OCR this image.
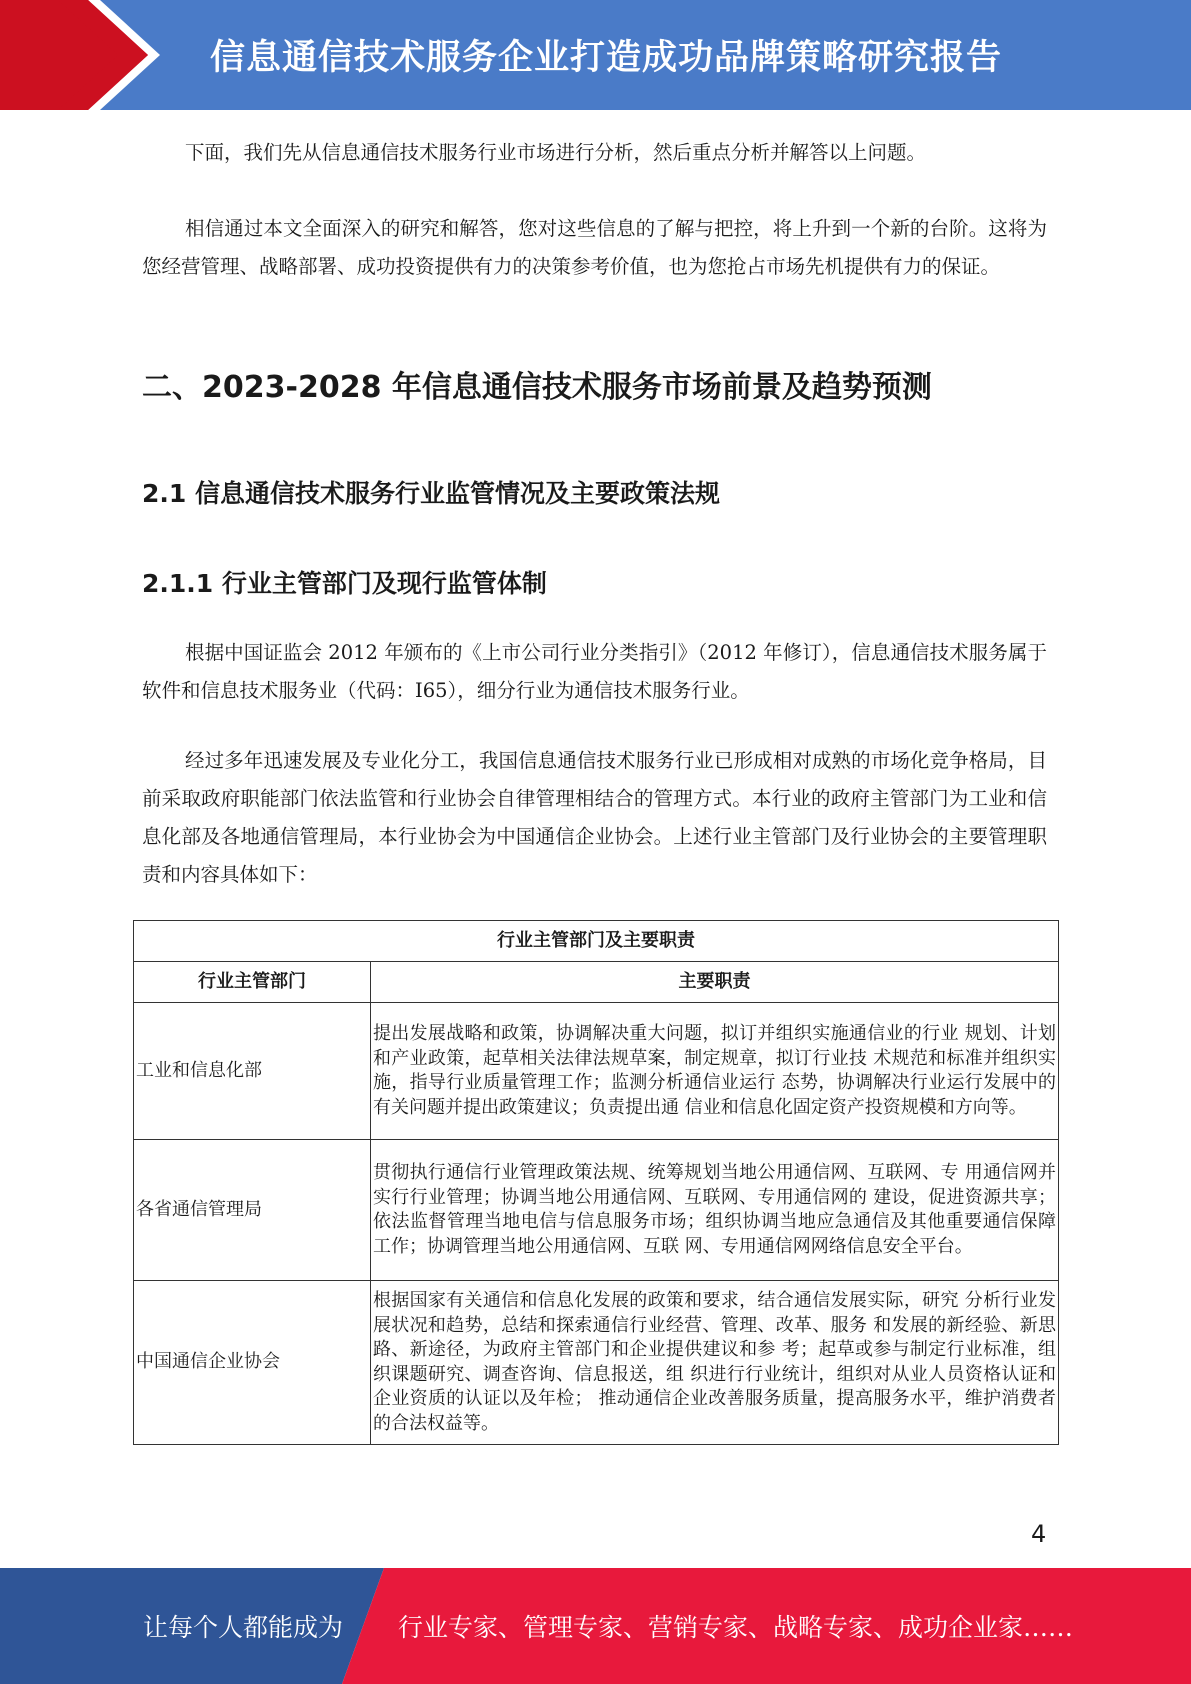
信息通信技术服务企业打造成功品牌策略研究报告

下面，我们先从信息通信技术服务行业市场进行分析，然后重点分析并解答以上问题。

相信通过本文全面深入的研究和解答，您对这些信息的了解与把控，将上升到一个新的台阶。这将为您经营管理、战略部署、成功投资提供有力的决策参考价值，也为您抢占市场先机提供有力的保证。

二、2023-2028 年信息通信技术服务市场前景及趋势预测
2.1 信息通信技术服务行业监管情况及主要政策法规
2.1.1 行业主管部门及现行监管体制

根据中国证监会 2012 年颁布的《上市公司行业分类指引》（2012 年修订），信息通信技术服务属于软件和信息技术服务业（代码：I65），细分行业为通信技术服务行业。

经过多年迅速发展及专业化分工，我国信息通信技术服务行业已形成相对成熟的市场化竞争格局，目前采取政府职能部门依法监管和行业协会自律管理相结合的管理方式。本行业的政府主管部门为工业和信息化部及各地通信管理局，本行业协会为中国通信企业协会。上述行业主管部门及行业协会的主要管理职责和内容具体如下：

行业主管部门及主要职责	
行业主管部门	主要职责
工业和信息化部	提出发展战略和政策，协调解决重大问题，拟订并组织实施通信业的行业 规划、计划和产业政策，起草相关法律法规草案，制定规章，拟订行业技 术规范和标准并组织实施，指导行业质量管理工作；监测分析通信业运行 态势，协调解决行业运行发展中的有关问题并提出政策建议；负责提出通 信业和信息化固定资产投资规模和方向等。
各省通信管理局	贯彻执行通信行业管理政策法规、统筹规划当地公用通信网、互联网、专 用通信网并实行行业管理；协调当地公用通信网、互联网、专用通信网的 建设，促进资源共享；依法监督管理当地电信与信息服务市场；组织协调当地应急通信及其他重要通信保障工作；协调管理当地公用通信网、互联 网、专用通信网网络信息安全平台。
中国通信企业协会	根据国家有关通信和信息化发展的政策和要求，结合通信发展实际，研究 分析行业发展状况和趋势，总结和探索通信行业经营、管理、改革、服务 和发展的新经验、新思路、新途径，为政府主管部门和企业提供建议和参 考；起草或参与制定行业标准，组织课题研究、调查咨询、信息报送，组 织进行行业统计，组织对从业人员资格认证和企业资质的认证以及年检； 推动通信企业改善服务质量，提高服务水平，维护消费者的合法权益等。
4
让每个人都能成为 行业专家、管理专家、营销专家、战略专家、成功企业家……
